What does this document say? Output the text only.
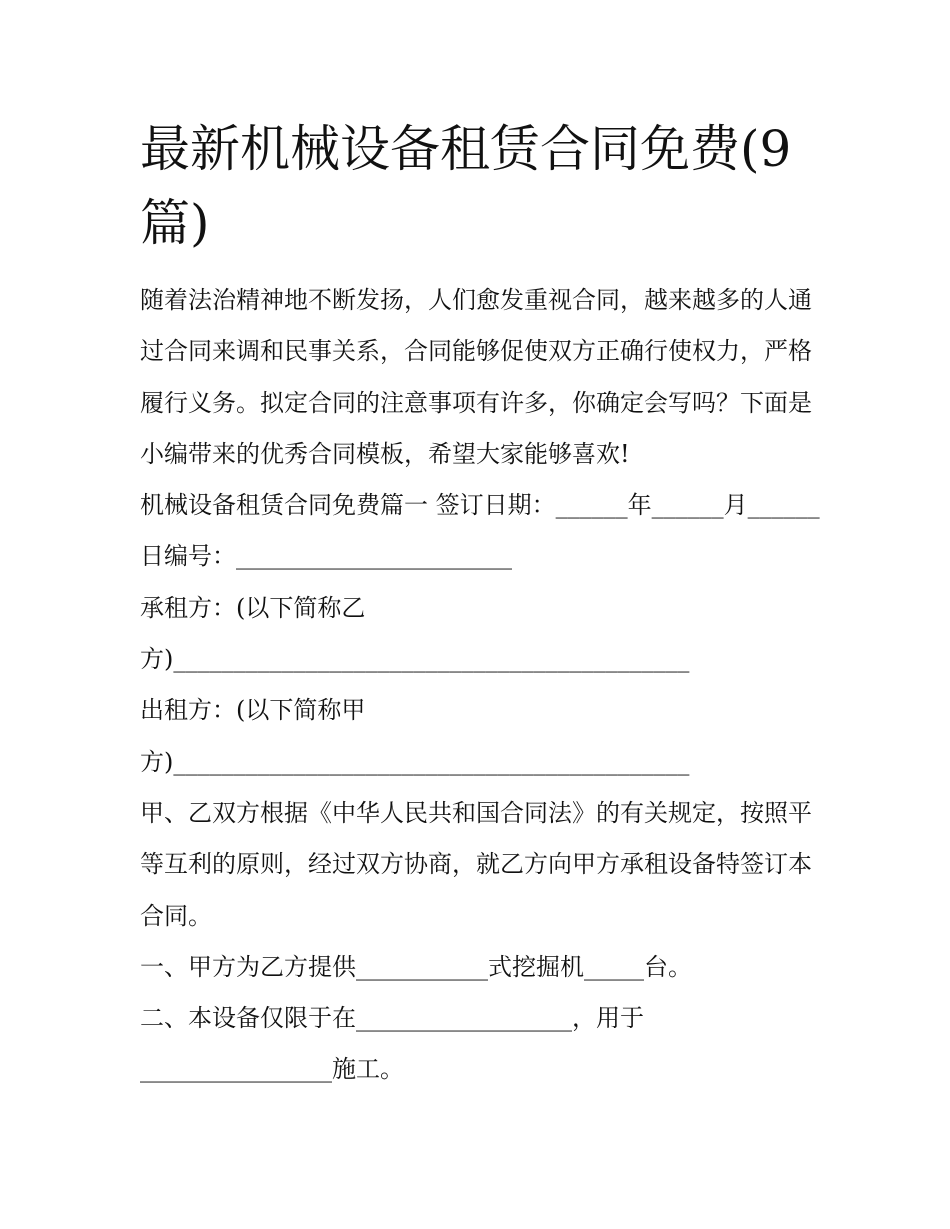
最新机械设备租赁合同免费(9篇)

随着法治精神地不断发扬，人们愈发重视合同，越来越多的人通过合同来调和民事关系，合同能够促使双方正确行使权力，严格履行义务。拟定合同的注意事项有许多，你确定会写吗？下面是小编带来的优秀合同模板，希望大家能够喜欢!

机械设备租赁合同免费篇一 签订日期：______年______月______日编号：_______________________

承租方：(以下简称乙方)___________________________________________

出租方：(以下简称甲方)___________________________________________

甲、乙双方根据《中华人民共和国合同法》的有关规定，按照平等互利的原则，经过双方协商，就乙方向甲方承租设备特签订本合同。

一、甲方为乙方提供___________式挖掘机_____台。

二、本设备仅限于在__________________，用于________________施工。
